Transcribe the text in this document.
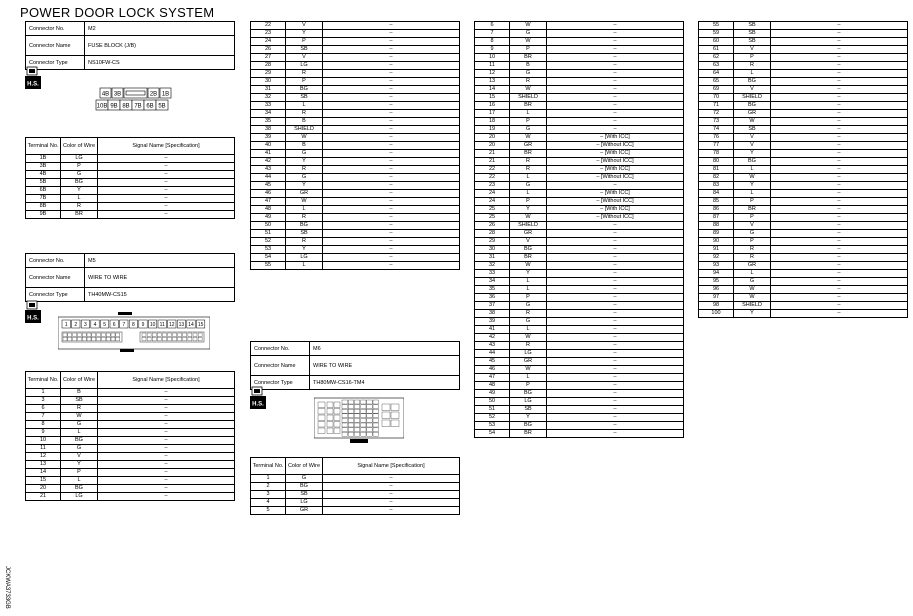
POWER DOOR LOCK SYSTEM
Connector No.	M2
Connector Name	FUSE BLOCK (J/B)
Connector Type	NS10FW-CS
H.S.
4B 3B	2B 1B
10B 9B 8B 7B 6B 5B
Terminal No.	Color of Wire	Signal Name [Specification]
1B	LG	–
3B	P	–
4B	G	–
5B	BG	–
6B	Y	–
7B	L	–
8B	R	–
9B	BR	–
Connector No.	M5
Connector Name	WIRE TO WIRE
Connector Type	TH40MW-CS15
H.S.
1 2 3 4 5 6 7 8 9 10 11 12 13 14 15
Terminal No.	Color of Wire	Signal Name [Specification]
1	B	–
3	SB	–
6	R	–
7	W	–
8	G	–
9	L	–
10	BG	–
11	G	–
12	V	–
13	Y	–
14	P	–
15	L	–
20	BG	–
21	LG	–
22	V	–
23	Y	–
24	P	–
26	SB	–
27	V	–
28	LG	–
29	R	–
30	P	–
31	BG	–
32	SB	–
33	L	–
34	R	–
35	B	–
38	SHIELD	–
39	W	–
40	B	–
41	G	–
42	Y	–
43	R	–
44	G	–
45	Y	–
46	GR	–
47	W	–
48	L	–
49	R	–
50	BG	–
51	SB	–
52	R	–
53	Y	–
54	LG	–
55	L	–
Connector No.	M6
Connector Name	WIRE TO WIRE
Connector Type	TH80MW-CS16-TM4
H.S.
Terminal No.	Color of Wire	Signal Name [Specification]
1	G	–
2	BG	–
3	SB	–
4	LG	–
5	GR	–
6	W	–
7	G	–
8	W	–
9	P	–
10	BR	–
11	B	–
12	G	–
13	R	–
14	W	–
15	SHIELD	–
16	BR	–
17	L	–
18	P	–
19	G	–
20	W	– [With ICC]
20	GR	– [Without ICC]
21	BR	– [With ICC]
21	R	– [Without ICC]
22	R	– [With ICC]
22	L	– [Without ICC]
23	G	–
24	L	– [With ICC]
24	P	– [Without ICC]
25	Y	– [With ICC]
25	W	– [Without ICC]
26	SHIELD	–
28	GR	–
29	V	–
30	BG	–
31	BR	–
32	W	–
33	Y	–
34	L	–
35	L	–
36	P	–
37	G	–
38	R	–
39	G	–
41	L	–
42	W	–
43	R	–
44	LG	–
45	GR	–
46	W	–
47	L	–
48	P	–
49	BG	–
50	LG	–
51	SB	–
52	Y	–
53	BG	–
54	BR	–
55	SB	–
59	SB	–
60	SB	–
61	V	–
62	P	–
63	R	–
64	L	–
65	BG	–
69	V	–
70	SHIELD	–
71	BG	–
72	GR	–
73	W	–
74	SB	–
76	V	–
77	V	–
78	Y	–
80	BG	–
81	L	–
82	W	–
83	Y	–
84	L	–
85	P	–
86	BR	–
87	P	–
88	V	–
89	G	–
90	P	–
91	R	–
92	R	–
93	GR	–
94	L	–
95	G	–
96	W	–
97	W	–
98	SHIELD	–
100	Y	–
JCKWA3733GB
